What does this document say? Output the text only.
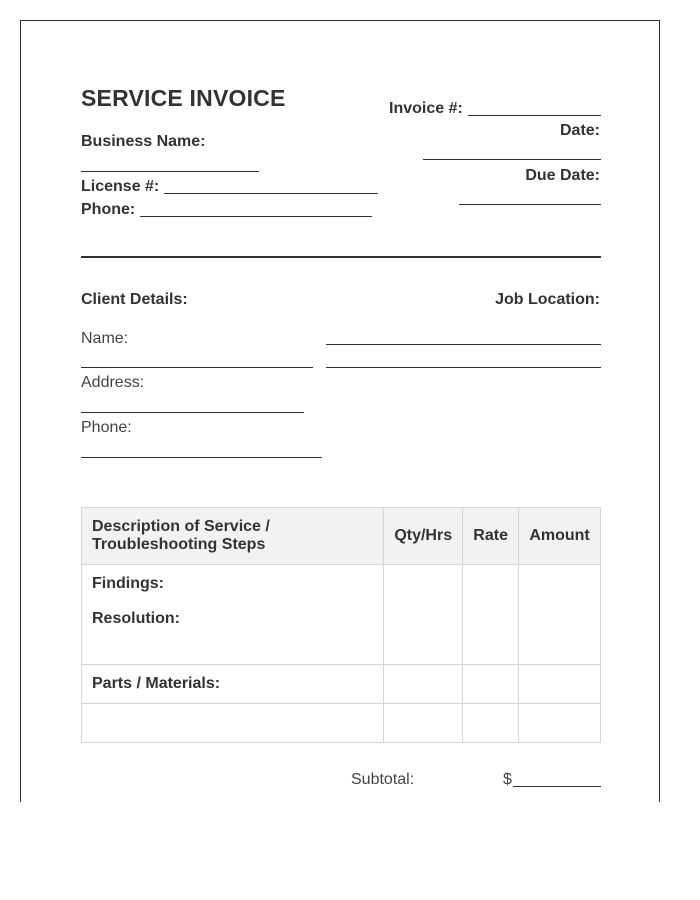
SERVICE INVOICE
Business Name:
License #:
Phone:
Invoice #:
Date:
Due Date:
Client Details:	Job Location:
Name:
Address:
Phone:
Description of Service /
Troubleshooting Steps	Qty/Hrs	Rate	Amount

Findings:
Resolution:			

Parts / Materials:			

Subtotal:	$
